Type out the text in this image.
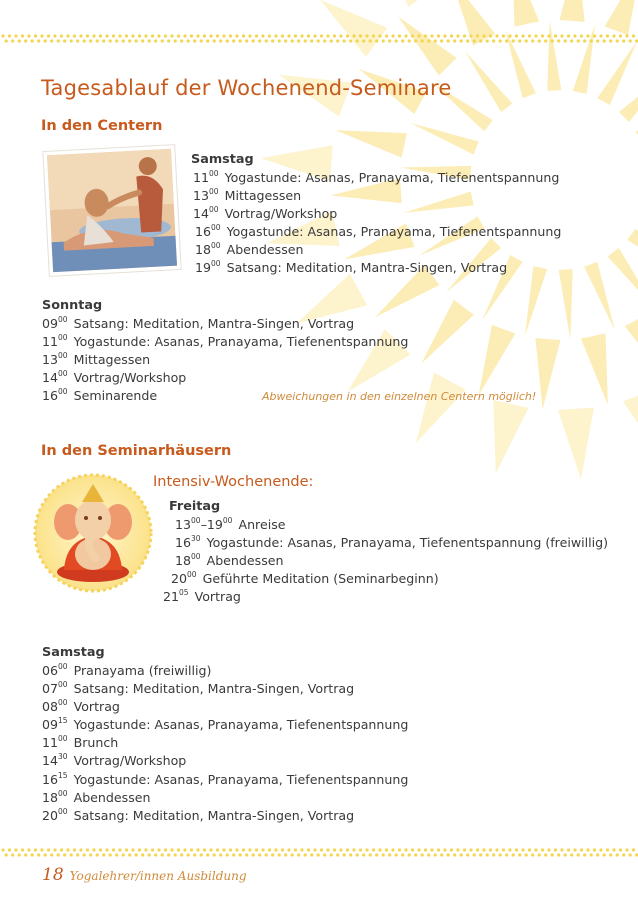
Tagesablauf der Wochenend-Seminare
In den Centern
Samstag
$11^{00}$ Yogastunde: Asanas, Pranayama, Tiefenentspannung
$13^{00}$ Mittagessen
$14^{00}$ Vortrag/Workshop
$16^{00}$ Yogastunde: Asanas, Pranayama, Tiefenentspannung
$18^{00}$ Abendessen
$19^{00}$ Satsang: Meditation, Mantra-Singen, Vortrag
Sonntag
$09^{00}$ Satsang: Meditation, Mantra-Singen, Vortrag
$11^{00}$ Yogastunde: Asanas, Pranayama, Tiefenentspannung
$13^{00}$ Mittagessen
$14^{00}$ Vortrag/Workshop
$16^{00}$ Seminarende	Abweichungen in den einzelnen Centern möglich!
In den Seminarhäusern
Intensiv-Wochenende:
Freitag
$13^{00}-19^{00}$ Anreise
$16^{30}$ Yogastunde: Asanas, Pranayama, Tiefenentspannung (freiwillig)
$18^{00}$ Abendessen
$20^{00}$ Geführte Meditation (Seminarbeginn)
$21^{05}$ Vortrag
Samstag
$06^{00}$ Pranayama (freiwillig)
$07^{00}$ Satsang: Meditation, Mantra-Singen, Vortrag
$08^{00}$ Vortrag
$09^{15}$ Yogastunde: Asanas, Pranayama, Tiefenentspannung
$11^{00}$ Brunch
$14^{30}$ Vortrag/Workshop
$16^{15}$ Yogastunde: Asanas, Pranayama, Tiefenentspannung
$18^{00}$ Abendessen
$20^{00}$ Satsang: Meditation, Mantra-Singen, Vortrag
18 Yogalehrer/innen Ausbildung
